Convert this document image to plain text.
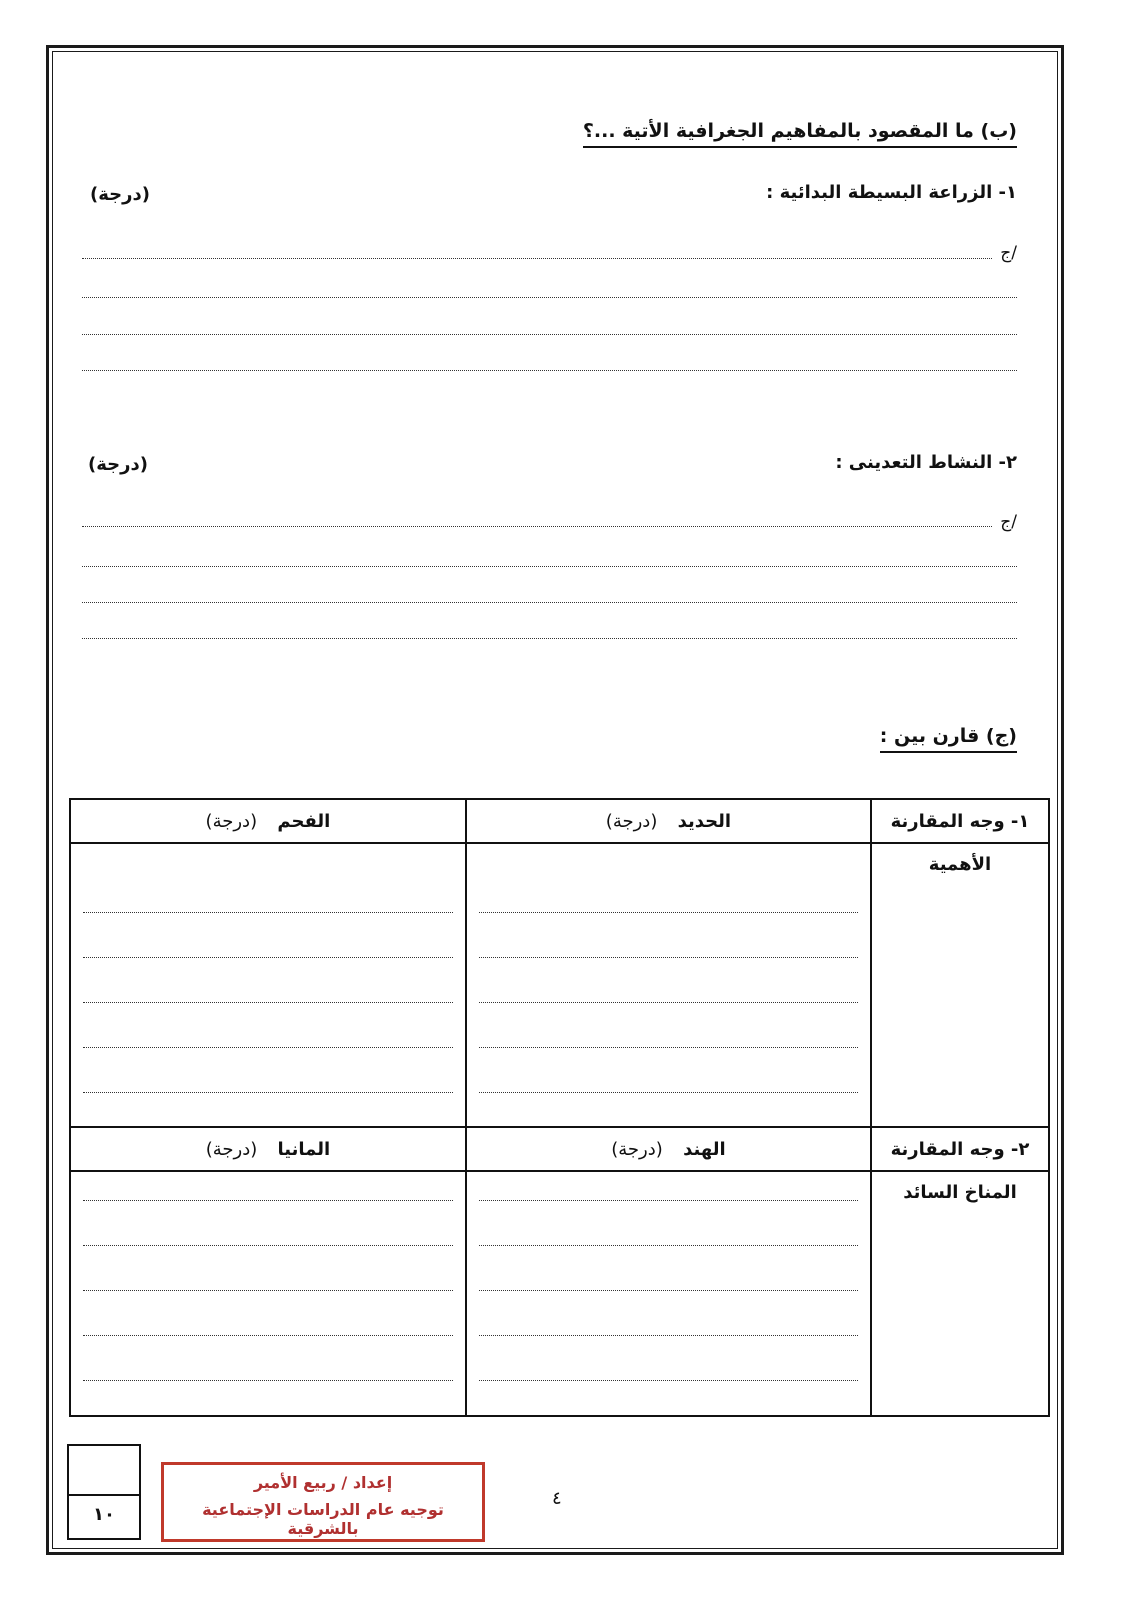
(ب) ما المقصود بالمفاهيم الجغرافية الأتية ...؟
١- الزراعة البسيطة البدائية :
(درجة)
ج/
٢- النشاط التعدينى :
(درجة)
ج/
(ج) قارن بين :
(درجة) الفحم	(درجة) الحديد	١- وجه المقارنة

		الأهمية

(درجة) المانيا	(درجة) الهند	٢- وجه المقارنة

		المناخ السائد
١٠
إعداد / ربيع الأمير
توجيه عام الدراسات الإجتماعية بالشرقية
٤
